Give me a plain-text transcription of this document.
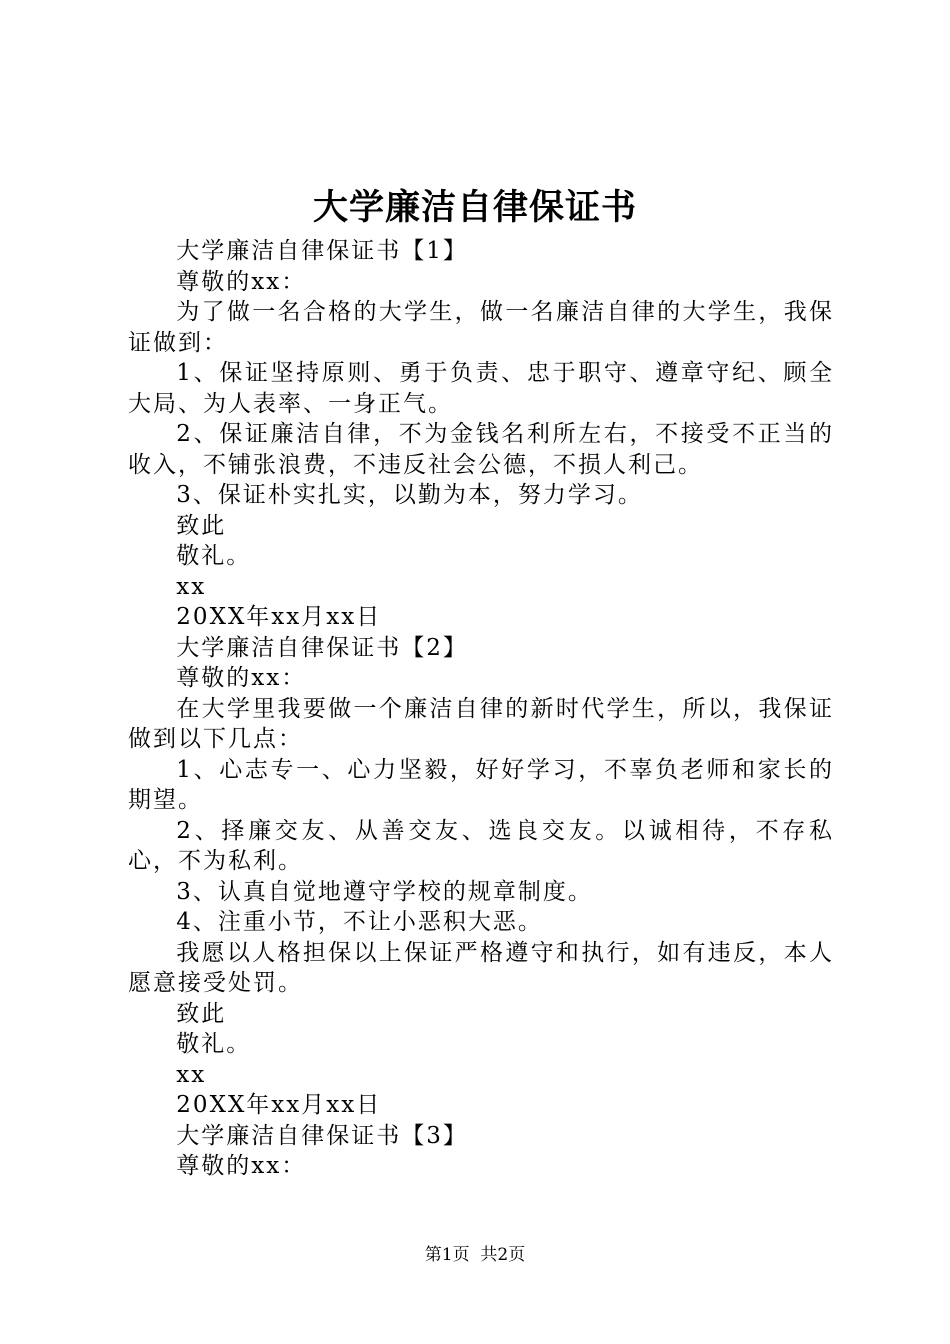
大学廉洁自律保证书

大学廉洁自律保证书【1】

尊敬的xx：

为了做一名合格的大学生，做一名廉洁自律的大学生，我保证做到：

1、保证坚持原则、勇于负责、忠于职守、遵章守纪、顾全大局、为人表率、一身正气。

2、保证廉洁自律，不为金钱名利所左右，不接受不正当的收入，不铺张浪费，不违反社会公德，不损人利己。

3、保证朴实扎实，以勤为本，努力学习。

致此

敬礼。

xx

20XX年xx月xx日

大学廉洁自律保证书【2】

尊敬的xx：

在大学里我要做一个廉洁自律的新时代学生，所以，我保证做到以下几点：

1、心志专一、心力坚毅，好好学习，不辜负老师和家长的期望。

2、择廉交友、从善交友、选良交友。以诚相待，不存私心，不为私利。

3、认真自觉地遵守学校的规章制度。

4、注重小节，不让小恶积大恶。

我愿以人格担保以上保证严格遵守和执行，如有违反，本人愿意接受处罚。

致此

敬礼。

xx

20XX年xx月xx日

大学廉洁自律保证书【3】

尊敬的xx：

第1页 共2页
